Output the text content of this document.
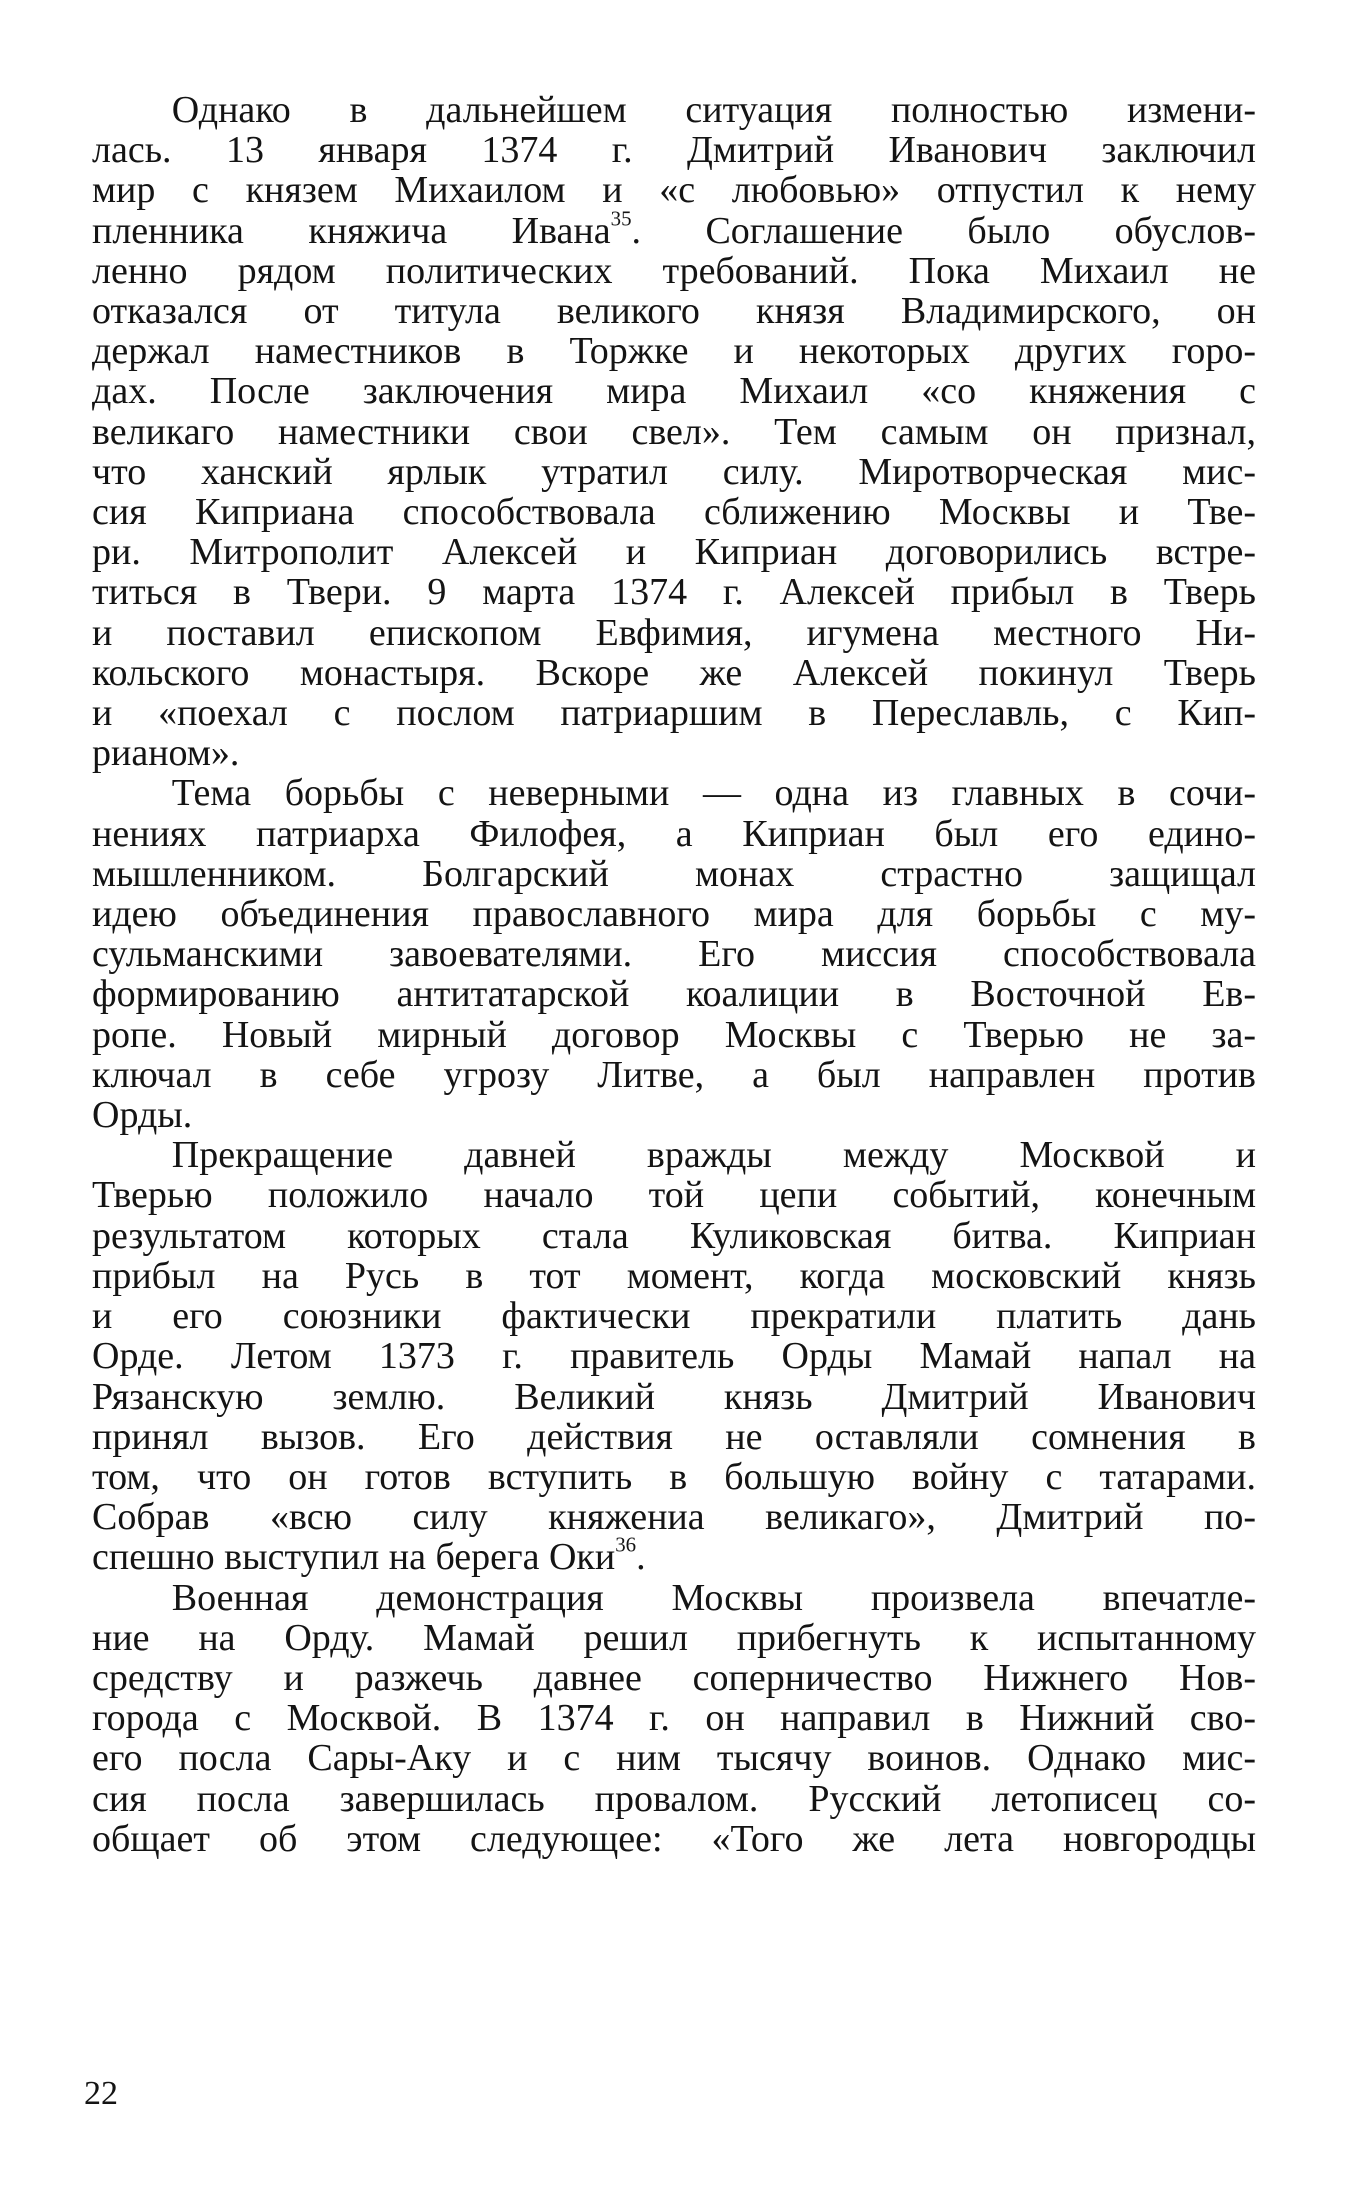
Однако в дальнейшем ситуация полностью измени-
лась. 13 января 1374 г. Дмитрий Иванович заключил
мир с князем Михаилом и «с любовью» отпустил к нему
пленника княжича Ивана$^{35}$. Соглашение было обуслов-
ленно рядом политических требований. Пока Михаил не
отказался от титула великого князя Владимирского, он
держал наместников в Торжке и некоторых других горо-
дах. После заключения мира Михаил «со княжения с
великаго наместники свои свел». Тем самым он признал,
что ханский ярлык утратил силу. Миротворческая мис-
сия Киприана способствовала сближению Москвы и Тве-
ри. Митрополит Алексей и Киприан договорились встре-
титься в Твери. 9 марта 1374 г. Алексей прибыл в Тверь
и поставил епископом Евфимия, игумена местного Ни-
кольского монастыря. Вскоре же Алексей покинул Тверь
и «поехал с послом патриаршим в Переславль, с Кип-

рианом».

Тема борьбы с неверными — одна из главных в сочи-
нениях патриарха Филофея, а Киприан был его едино-
мышленником. Болгарский монах страстно защищал
идею объединения православного мира для борьбы с му-
сульманскими завоевателями. Его миссия способствовала
формированию антитатарской коалиции в Восточной Ев-
ропе. Новый мирный договор Москвы с Тверью не за-
ключал в себе угрозу Литве, а был направлен против

Орды.

Прекращение давней вражды между Москвой и
Тверью положило начало той цепи событий, конечным
результатом которых стала Куликовская битва. Киприан
прибыл на Русь в тот момент, когда московский князь
и его союзники фактически прекратили платить дань
Орде. Летом 1373 г. правитель Орды Мамай напал на
Рязанскую землю. Великий князь Дмитрий Иванович
принял вызов. Его действия не оставляли сомнения в
том, что он готов вступить в большую войну с татарами.
Собрав «всю силу княжениа великаго», Дмитрий по-

спешно выступил на берега Оки$^{36}$.

Военная демонстрация Москвы произвела впечатле-
ние на Орду. Мамай решил прибегнуть к испытанному
средству и разжечь давнее соперничество Нижнего Нов-
города с Москвой. В 1374 г. он направил в Нижний сво-
его посла Сары-Аку и с ним тысячу воинов. Однако мис-
сия посла завершилась провалом. Русский летописец со-
общает об этом следующее: «Того же лета новгородцы

22
